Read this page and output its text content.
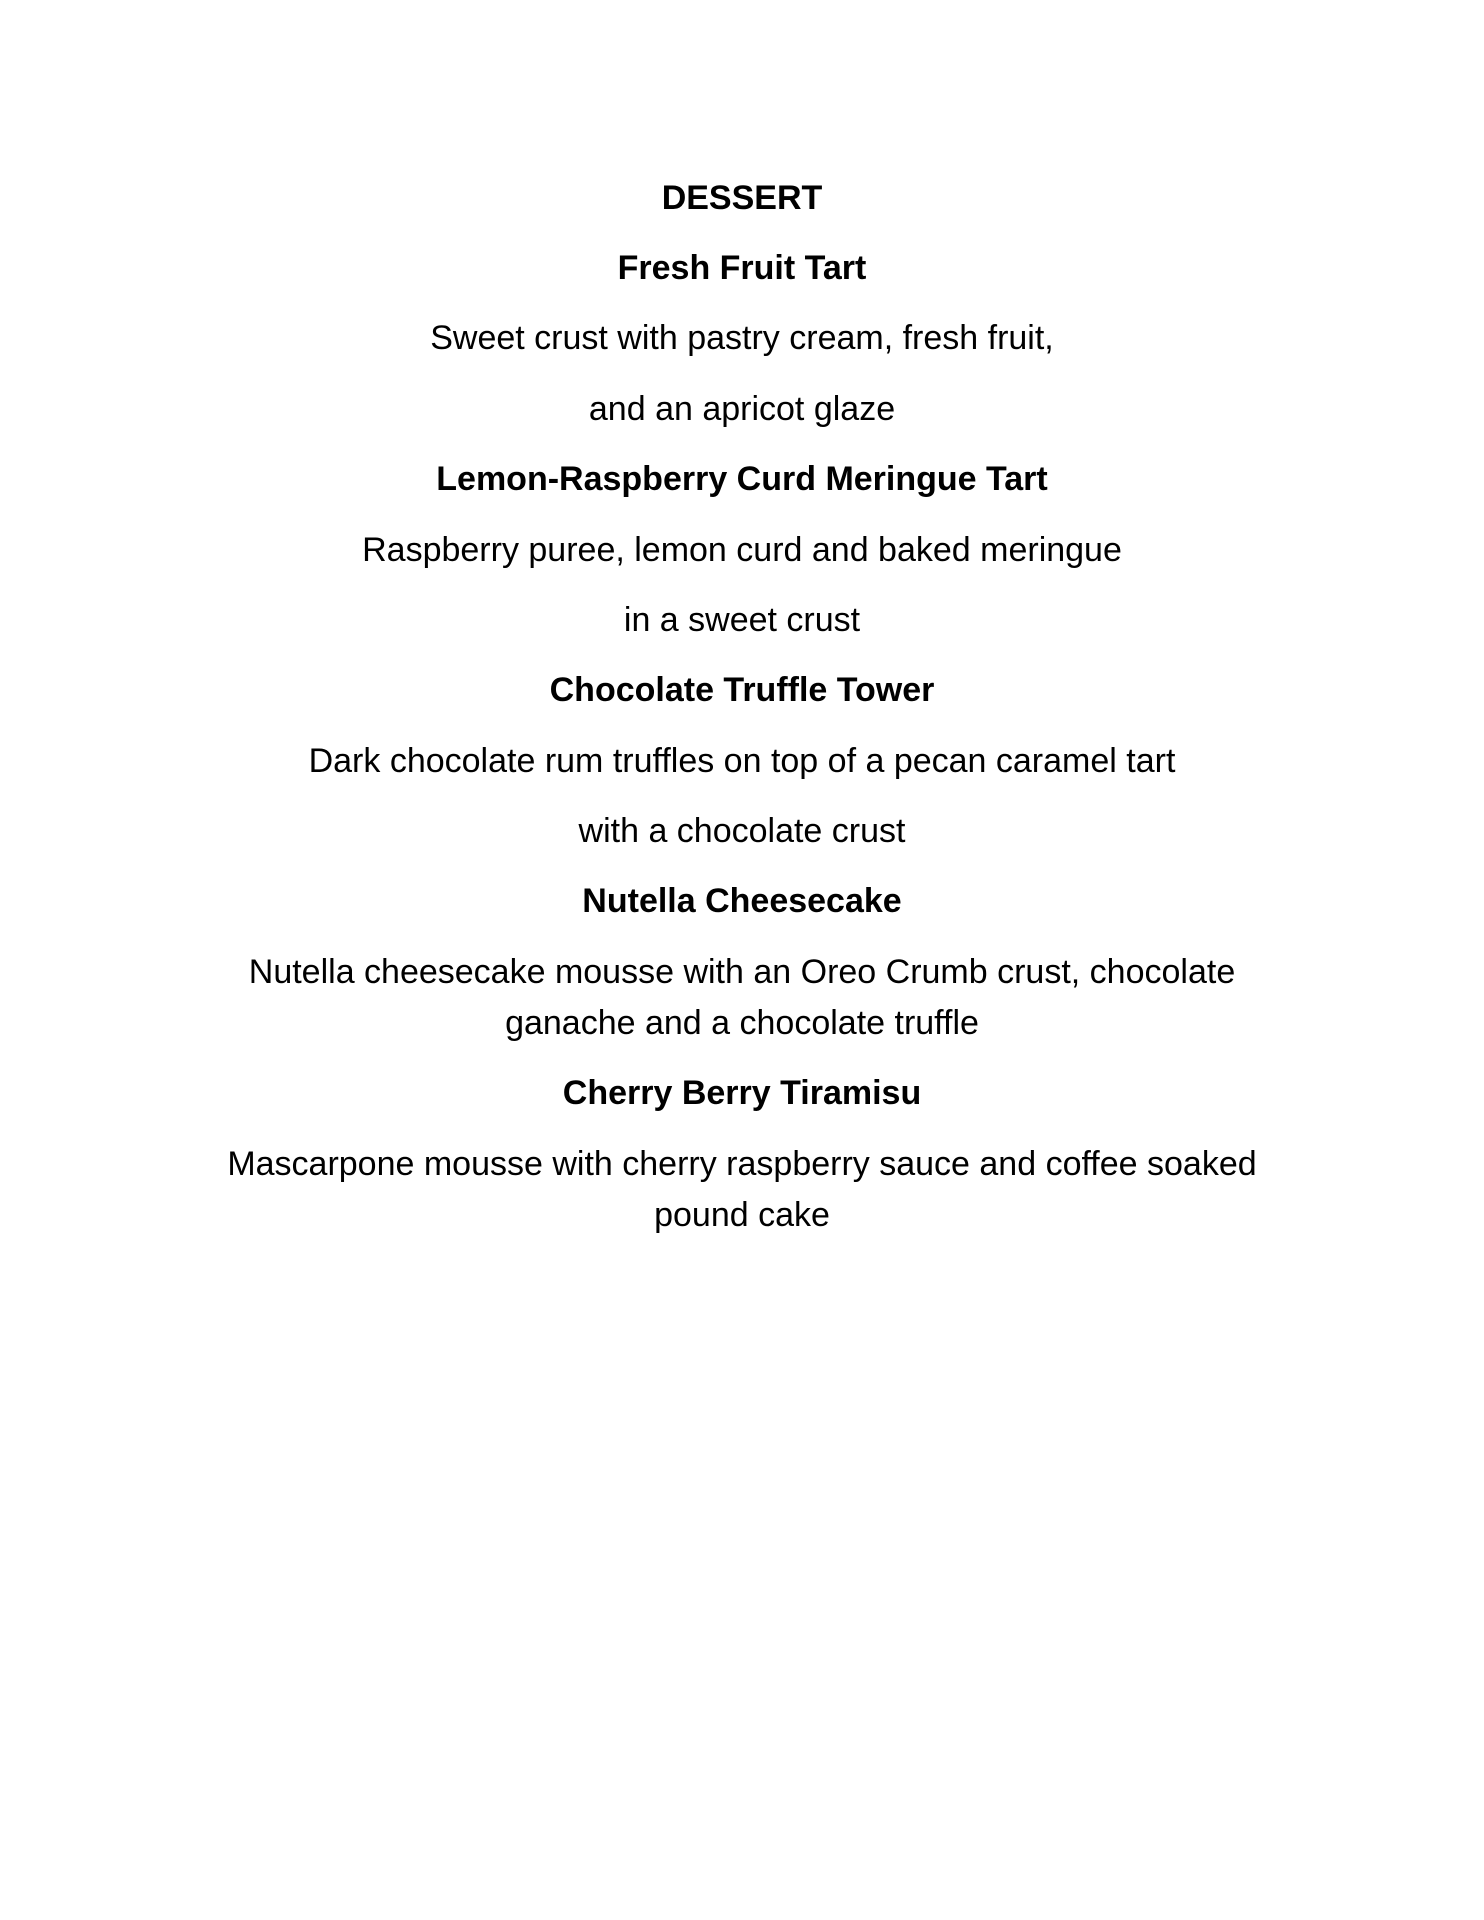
DESSERT
Fresh Fruit Tart
Sweet crust with pastry cream, fresh fruit,
and an apricot glaze
Lemon-Raspberry Curd Meringue Tart
Raspberry puree, lemon curd and baked meringue
in a sweet crust
Chocolate Truffle Tower
Dark chocolate rum truffles on top of a pecan caramel tart
with a chocolate crust
Nutella Cheesecake
Nutella cheesecake mousse with an Oreo Crumb crust, chocolate
ganache and a chocolate truffle
Cherry Berry Tiramisu
Mascarpone mousse with cherry raspberry sauce and coffee soaked
pound cake
